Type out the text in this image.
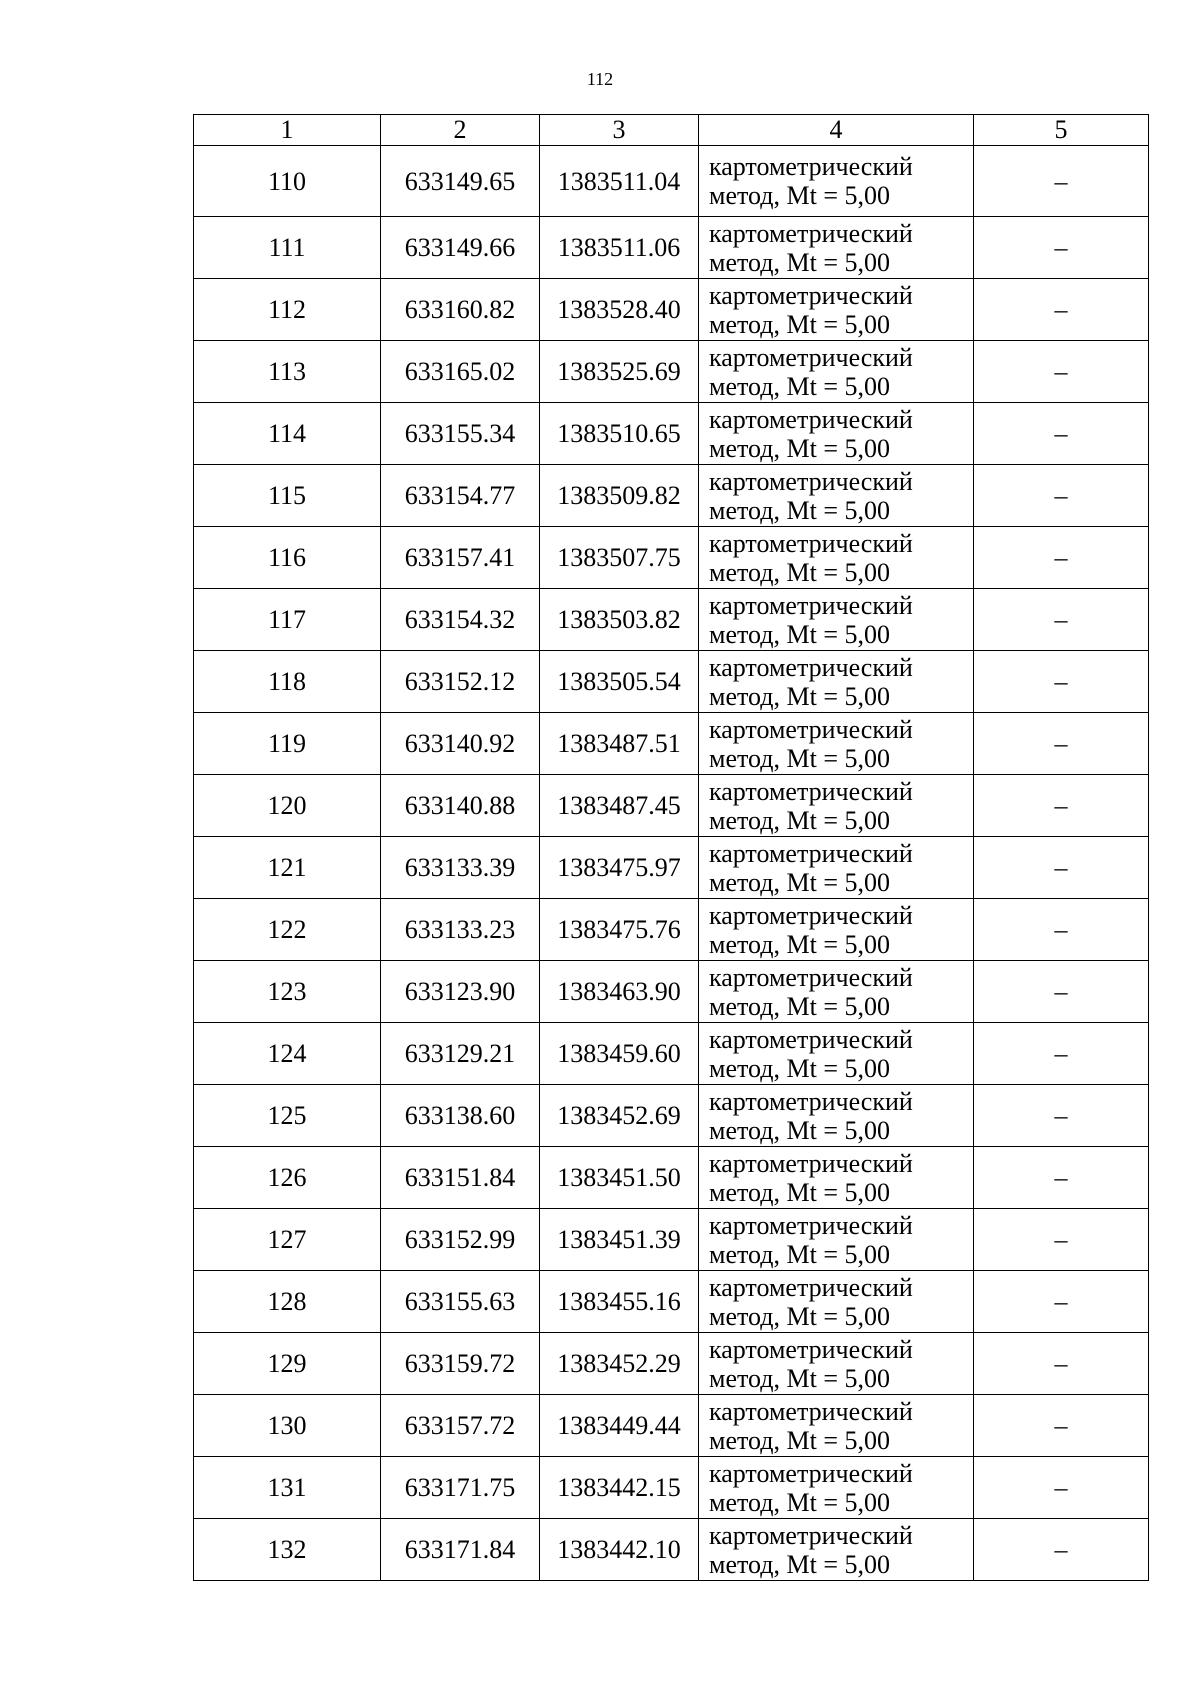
112
1	2	3	4	5
110	633149.65	1383511.04	картометрический
метод, Mt = 5,00	–
111	633149.66	1383511.06	картометрический
метод, Mt = 5,00	–
112	633160.82	1383528.40	картометрический
метод, Mt = 5,00	–
113	633165.02	1383525.69	картометрический
метод, Mt = 5,00	–
114	633155.34	1383510.65	картометрический
метод, Mt = 5,00	–
115	633154.77	1383509.82	картометрический
метод, Mt = 5,00	–
116	633157.41	1383507.75	картометрический
метод, Mt = 5,00	–
117	633154.32	1383503.82	картометрический
метод, Mt = 5,00	–
118	633152.12	1383505.54	картометрический
метод, Mt = 5,00	–
119	633140.92	1383487.51	картометрический
метод, Mt = 5,00	–
120	633140.88	1383487.45	картометрический
метод, Mt = 5,00	–
121	633133.39	1383475.97	картометрический
метод, Mt = 5,00	–
122	633133.23	1383475.76	картометрический
метод, Mt = 5,00	–
123	633123.90	1383463.90	картометрический
метод, Mt = 5,00	–
124	633129.21	1383459.60	картометрический
метод, Mt = 5,00	–
125	633138.60	1383452.69	картометрический
метод, Mt = 5,00	–
126	633151.84	1383451.50	картометрический
метод, Mt = 5,00	–
127	633152.99	1383451.39	картометрический
метод, Mt = 5,00	–
128	633155.63	1383455.16	картометрический
метод, Mt = 5,00	–
129	633159.72	1383452.29	картометрический
метод, Mt = 5,00	–
130	633157.72	1383449.44	картометрический
метод, Mt = 5,00	–
131	633171.75	1383442.15	картометрический
метод, Mt = 5,00	–
132	633171.84	1383442.10	картометрический
метод, Mt = 5,00	–
